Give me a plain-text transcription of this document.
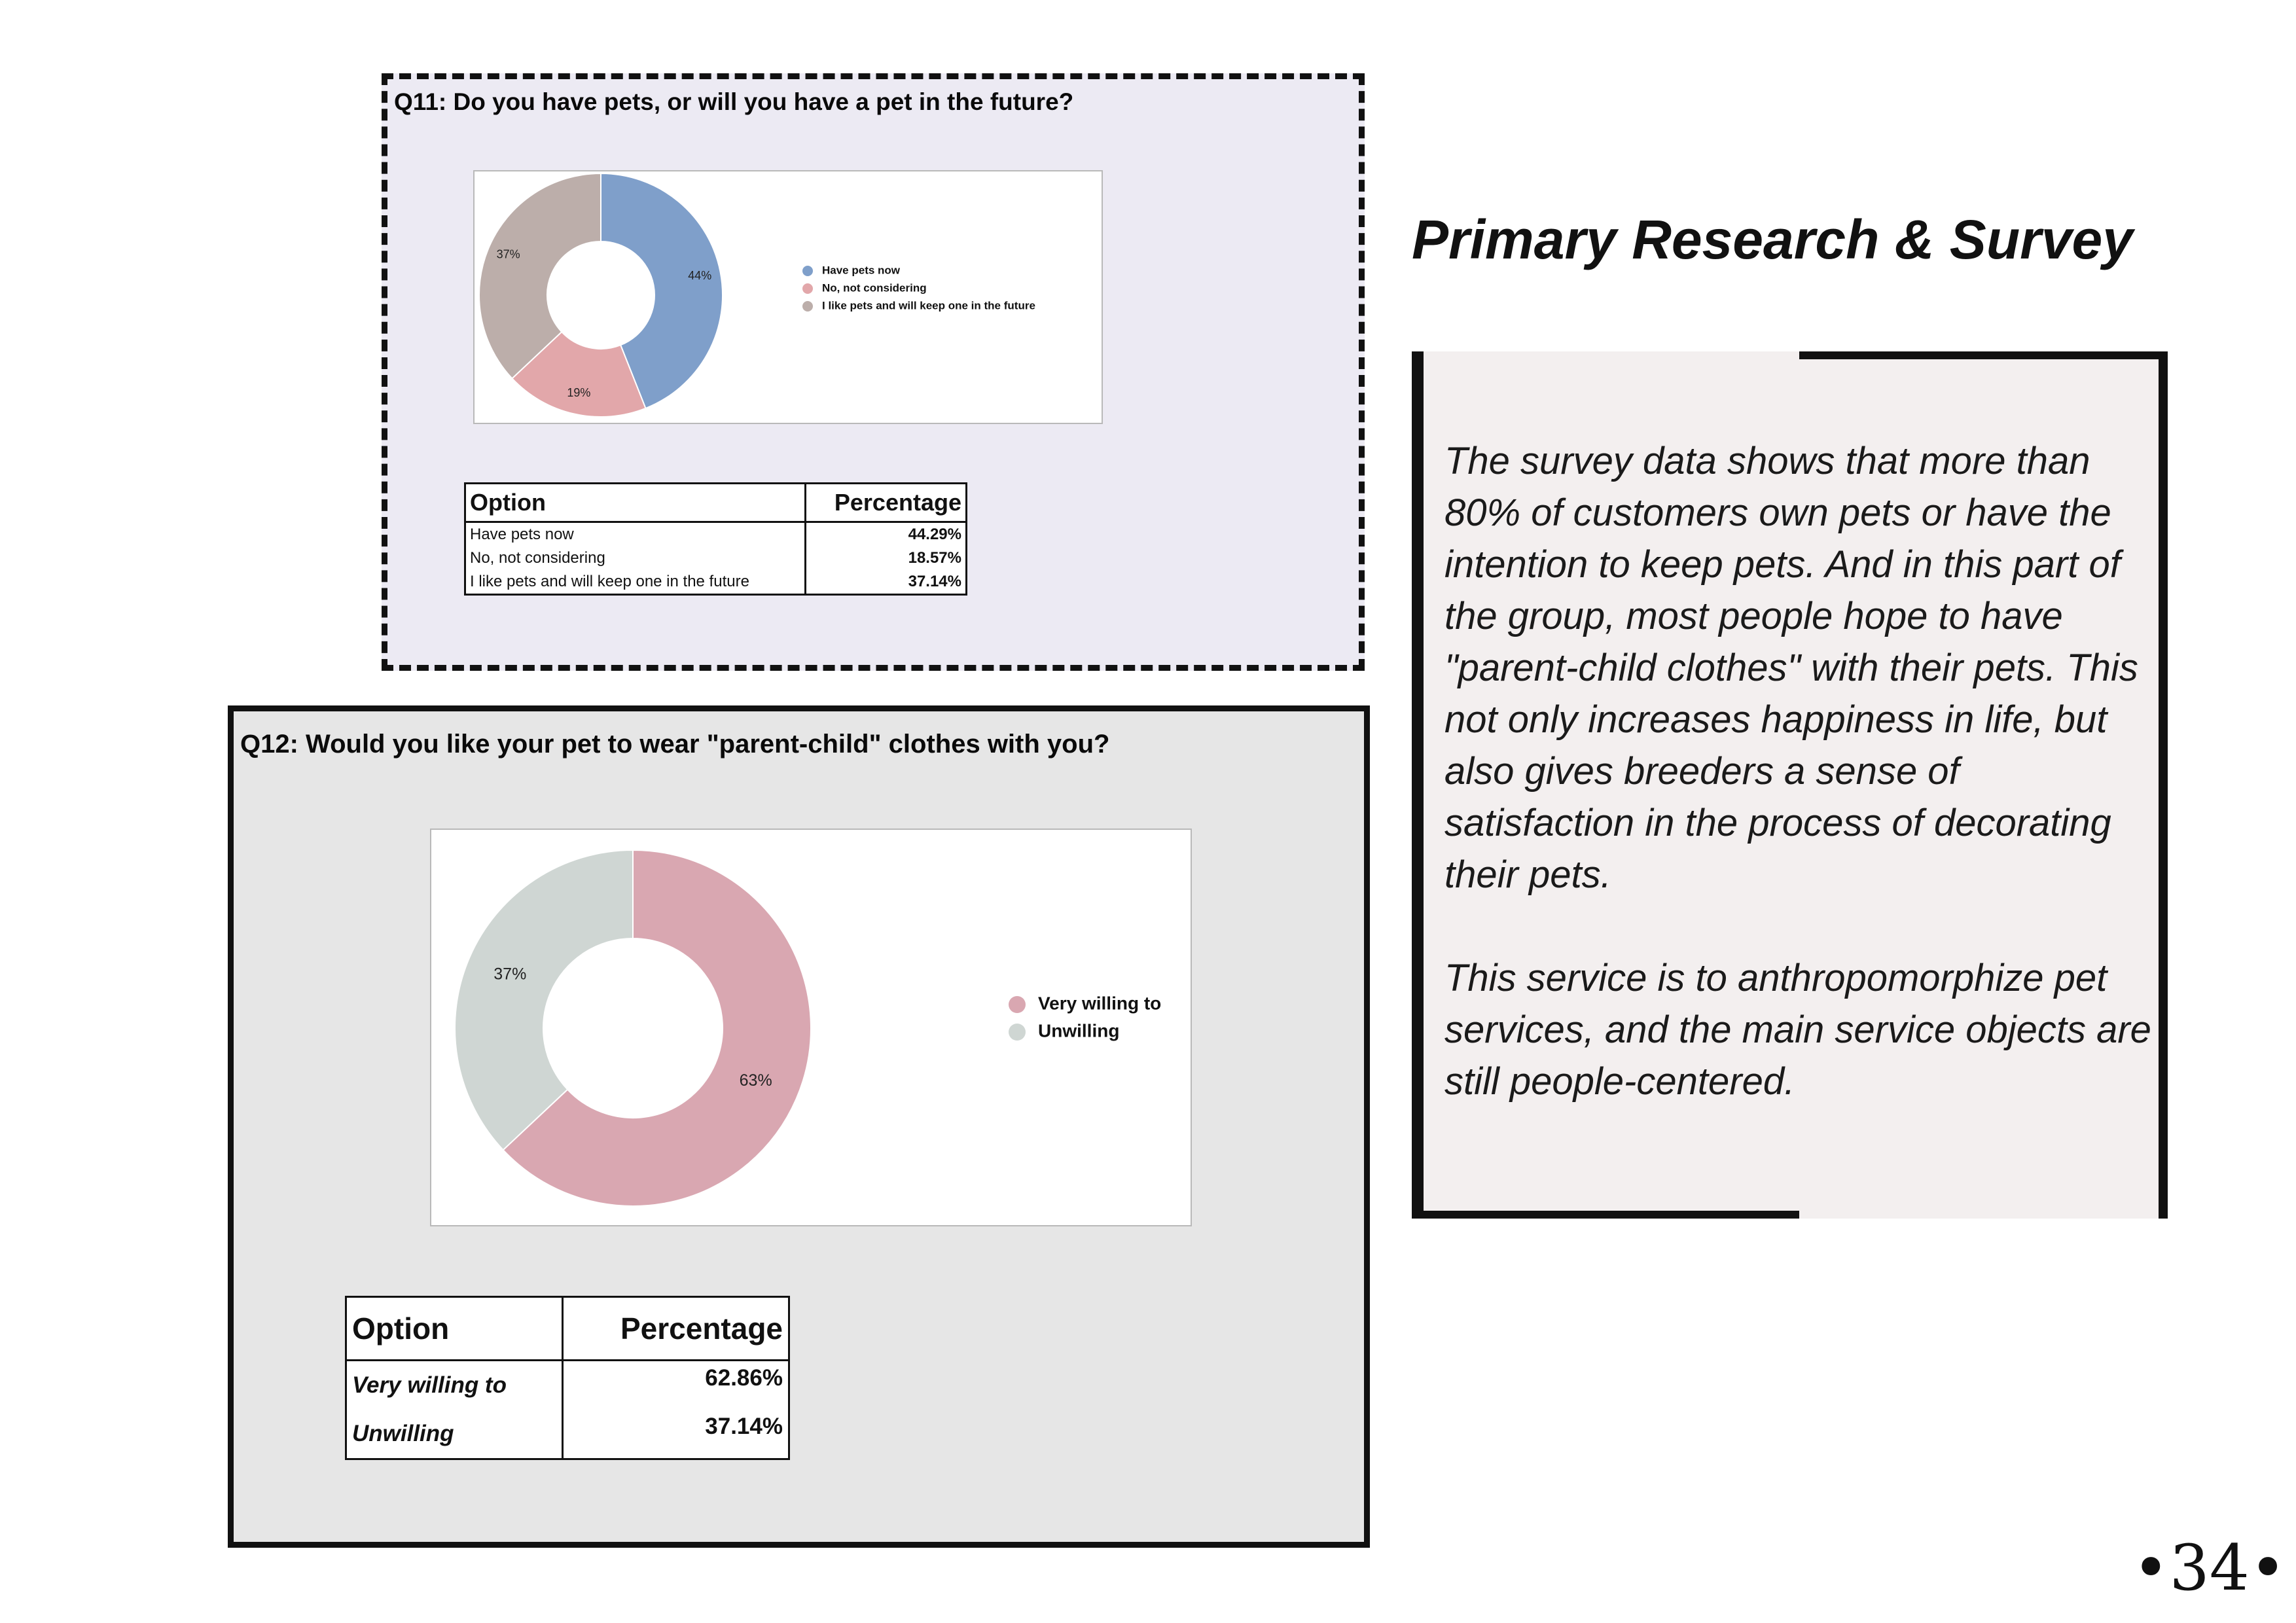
Q11: Do you have pets, or will you have a pet in the future?
44%
19%
37%
Have pets now
No, not considering
I like pets and will keep one in the future
Option	Percentage
Have pets now	44.29%
No, not considering	18.57%
I like pets and will keep one in the future	37.14%
Q12: Would you like your pet to wear "parent-child" clothes with you?
63%
37%
Very willing to
Unwilling
Option	Percentage
Very willing to	62.86%
Unwilling	37.14%
Primary Research & Survey

The survey data shows that more than 80% of customers own pets or have the intention to keep pets. And in this part of the group, most people hope to have "parent-child clothes" with their pets. This not only increases happiness in life, but also gives breeders a sense of satisfaction in the process of decorating their pets.

This service is to anthropomorphize pet services, and the main service objects are still people-centered.

•34•
